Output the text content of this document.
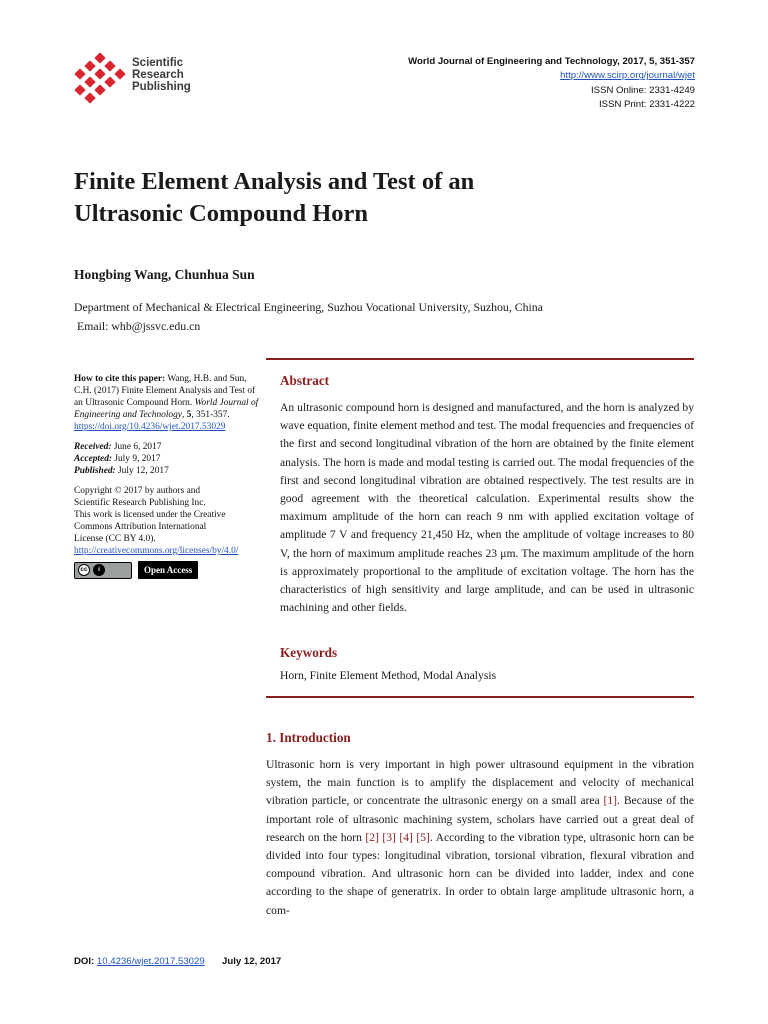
Scientific
Research
Publishing
World Journal of Engineering and Technology, 2017, 5, 351-357
http://www.scirp.org/journal/wjet
ISSN Online: 2331-4249
ISSN Print: 2331-4222
Finite Element Analysis and Test of an
Ultrasonic Compound Horn
Hongbing Wang, Chunhua Sun
Department of Mechanical & Electrical Engineering, Suzhou Vocational University, Suzhou, China
Email: whb@jssvc.edu.cn
How to cite this paper: Wang, H.B. and Sun, C.H. (2017) Finite Element Analysis and Test of an Ultrasonic Compound Horn. World Journal of Engineering and Technology, 5, 351-357.
https://doi.org/10.4236/wjet.2017.53029
Received: June 6, 2017
Accepted: July 9, 2017
Published: July 12, 2017
Copyright © 2017 by authors and
Scientific Research Publishing Inc.
This work is licensed under the Creative
Commons Attribution International
License (CC BY 4.0).
http://creativecommons.org/licenses/by/4.0/
cc	i	Open Access
Abstract
An ultrasonic compound horn is designed and manufactured, and the horn is analyzed by wave equation, finite element method and test. The modal frequencies and frequencies of the first and second longitudinal vibration of the horn are obtained by the finite element analysis. The horn is made and modal testing is carried out. The modal frequencies of the first and second longitudinal vibration are obtained respectively. The test results are in good agreement with the theoretical calculation. Experimental results show the maximum amplitude of the horn can reach 9 nm with applied excitation voltage of amplitude 7 V and frequency 21,450 Hz, when the amplitude of voltage increases to 80 V, the horn of maximum amplitude reaches 23 μm. The maximum amplitude of the horn is approximately proportional to the amplitude of excitation voltage. The horn has the characteristics of high sensitivity and large amplitude, and can be used in ultrasonic machining and other fields.
Keywords
Horn, Finite Element Method, Modal Analysis
1. Introduction
Ultrasonic horn is very important in high power ultrasound equipment in the vibration system, the main function is to amplify the displacement and velocity of mechanical vibration particle, or concentrate the ultrasonic energy on a small area [1]. Because of the important role of ultrasonic machining system, scholars have carried out a great deal of research on the horn [2] [3] [4] [5]. According to the vibration type, ultrasonic horn can be divided into four types: longitudinal vibration, torsional vibration, flexural vibration and compound vibration. And ultrasonic horn can be divided into ladder, index and cone according to the shape of generatrix. In order to obtain large amplitude ultrasonic horn, a com-
DOI: 10.4236/wjet.2017.53029 July 12, 2017
